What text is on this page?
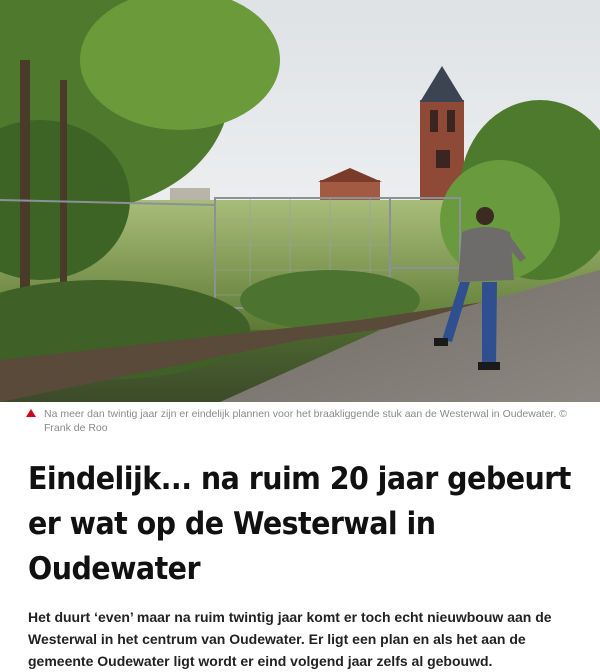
Na meer dan twintig jaar zijn er eindelijk plannen voor het braakliggende stuk aan de Westerwal in Oudewater. © Frank de Roo
Eindelijk... na ruim 20 jaar gebeurt er wat op de Westerwal in Oudewater

Het duurt ‘even’ maar na ruim twintig jaar komt er toch echt nieuwbouw aan de Westerwal in het centrum van Oudewater. Er ligt een plan en als het aan de gemeente Oudewater ligt wordt er eind volgend jaar zelfs al gebouwd.
